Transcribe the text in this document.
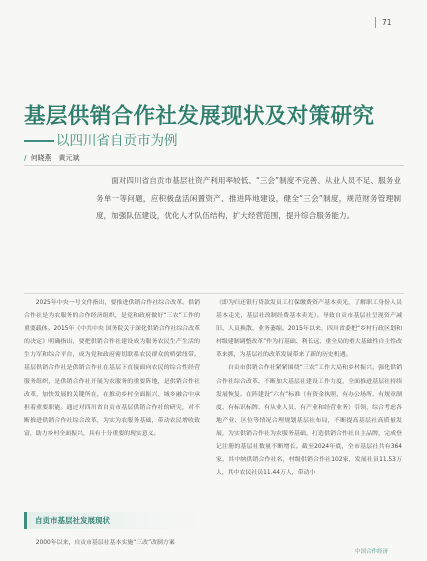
71
基层供销合作社发展现状及对策研究
以四川省自贡市为例
/ 何晓燕　黄元斌

面对四川省自贡市基层社资产利用率较低、“三会”制度不完善、从业人员不足、服务业务单一等问题，应积极盘活闲置资产、推进阵地建设，健全“三会”制度，规范财务管理制度，加强队伍建设，优化人才队伍结构，扩大经营范围，提升综合服务能力。

2025年中央一号文件指出，要推进供销合作社综合改革。供销合作社是为农服务的合作经济组织，是党和政府做好“三农”工作的重要载体。2015年《中共中央 国务院关于深化供销合作社综合改革的决定》明确指出，要把供销合作社建设成为服务农民生产生活的生力军和综合平台，成为党和政府密切联系农民群众的桥梁纽带。基层供销合作社是供销合作社在基层下直接面向农民的综合性经营服务组织，是供销合作社开展为农服务的重要阵地，是供销合作社改革，加快发展的关键所在，在推动乡村全面振兴、城乡融合中承担着重要职能。通过对四川省自贡市基层供销合作社的研究，对不断推进供销合作社综合改革，为实为农服务基础，带动农民增收致富，助力乡村全面振兴，具有十分重要的现实意义。

自贡市基层社发展现状

2000年以来，自贡市基层社基本实施“三改”改制方案

（即为归还银行贷款发员工打保缴费资产基本卖光，了解职工身份人员基本走光，基层社改制经费基本卖光）。导致自贡市基层社呈现资产减旧、人员换散、业务萎缩。2015年以来，四川省委把“乡村行政区划和村级建制调整改革”作为打基础、利长远、重全局的重大基础性自主性改革来抓，为基层社的改革发展带来了新的历史机遇。

自贡市供销合作社紧紧围绕“三农”工作大局和乡村振兴，强化供销合作社综合改革，不断加大基层社建设工作力度，全面推进基层社持续发展恢复。在阵建设“六有”标准（有资金执照、有办公场所、有规章制度、有标识标牌、有从业人员、有产业和经营业务）引领，综合考虑各地产业、区位等情况合理规划基层社布局，不断提高基层社高质量发展，为实供销合作社为农服务基础，打造供销合作社自主品牌，完成登记注册的基层社数量不断增长。截至2024年底，全市基层社共有364家，其中纳供销合作社名，村级供销合作社102家，发展社员11.53万人，其中农民社员11.44万人，带动小

中国合作经济
